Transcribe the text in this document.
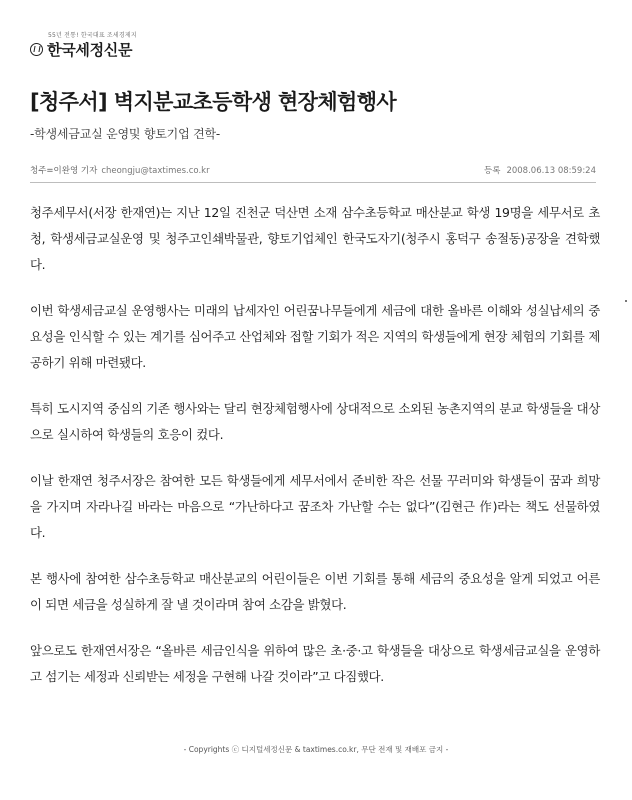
55년 전통! 한국대표 조세경제지
한국세정신문
[청주서] 벽지분교초등학생 현장체험행사
-학생세금교실 운영및 향토기업 견학-
청주=이완영 기자 cheongju@taxtimes.co.kr	등록 2008.06.13 08:59:24

청주세무서(서장 한재연)는 지난 12일 진천군 덕산면 소재 삼수초등학교 매산분교 학생 19명을 세무서로 초청, 학생세금교실운영 및 청주고인쇄박물관, 향토기업체인 한국도자기(청주시 홍덕구 송절동)공장을 견학했다.

이번 학생세금교실 운영행사는 미래의 납세자인 어린꿈나무들에게 세금에 대한 올바른 이해와 성실납세의 중요성을 인식할 수 있는 계기를 심어주고 산업체와 접할 기회가 적은 지역의 학생들에게 현장 체험의 기회를 제공하기 위해 마련됐다.

특히 도시지역 중심의 기존 행사와는 달리 현장체험행사에 상대적으로 소외된 농촌지역의 분교 학생들을 대상으로 실시하여 학생들의 호응이 컸다.

이날 한재연 청주서장은 참여한 모든 학생들에게 세무서에서 준비한 작은 선물 꾸러미와 학생들이 꿈과 희망을 가지며 자라나길 바라는 마음으로 “가난하다고 꿈조차 가난할 수는 없다”(김현근 作)라는 책도 선물하였다.

본 행사에 참여한 삼수초등학교 매산분교의 어린이들은 이번 기회를 통해 세금의 중요성을 알게 되었고 어른이 되면 세금을 성실하게 잘 낼 것이라며 참여 소감을 밝혔다.

앞으로도 한재연서장은 “올바른 세금인식을 위하여 많은 초·중·고 학생들을 대상으로 학생세금교실을 운영하고 섬기는 세정과 신뢰받는 세정을 구현해 나갈 것이라”고 다짐했다.

- Copyrights ⓒ 디지털세정신문 & taxtimes.co.kr, 무단 전재 및 재배포 금지 -
